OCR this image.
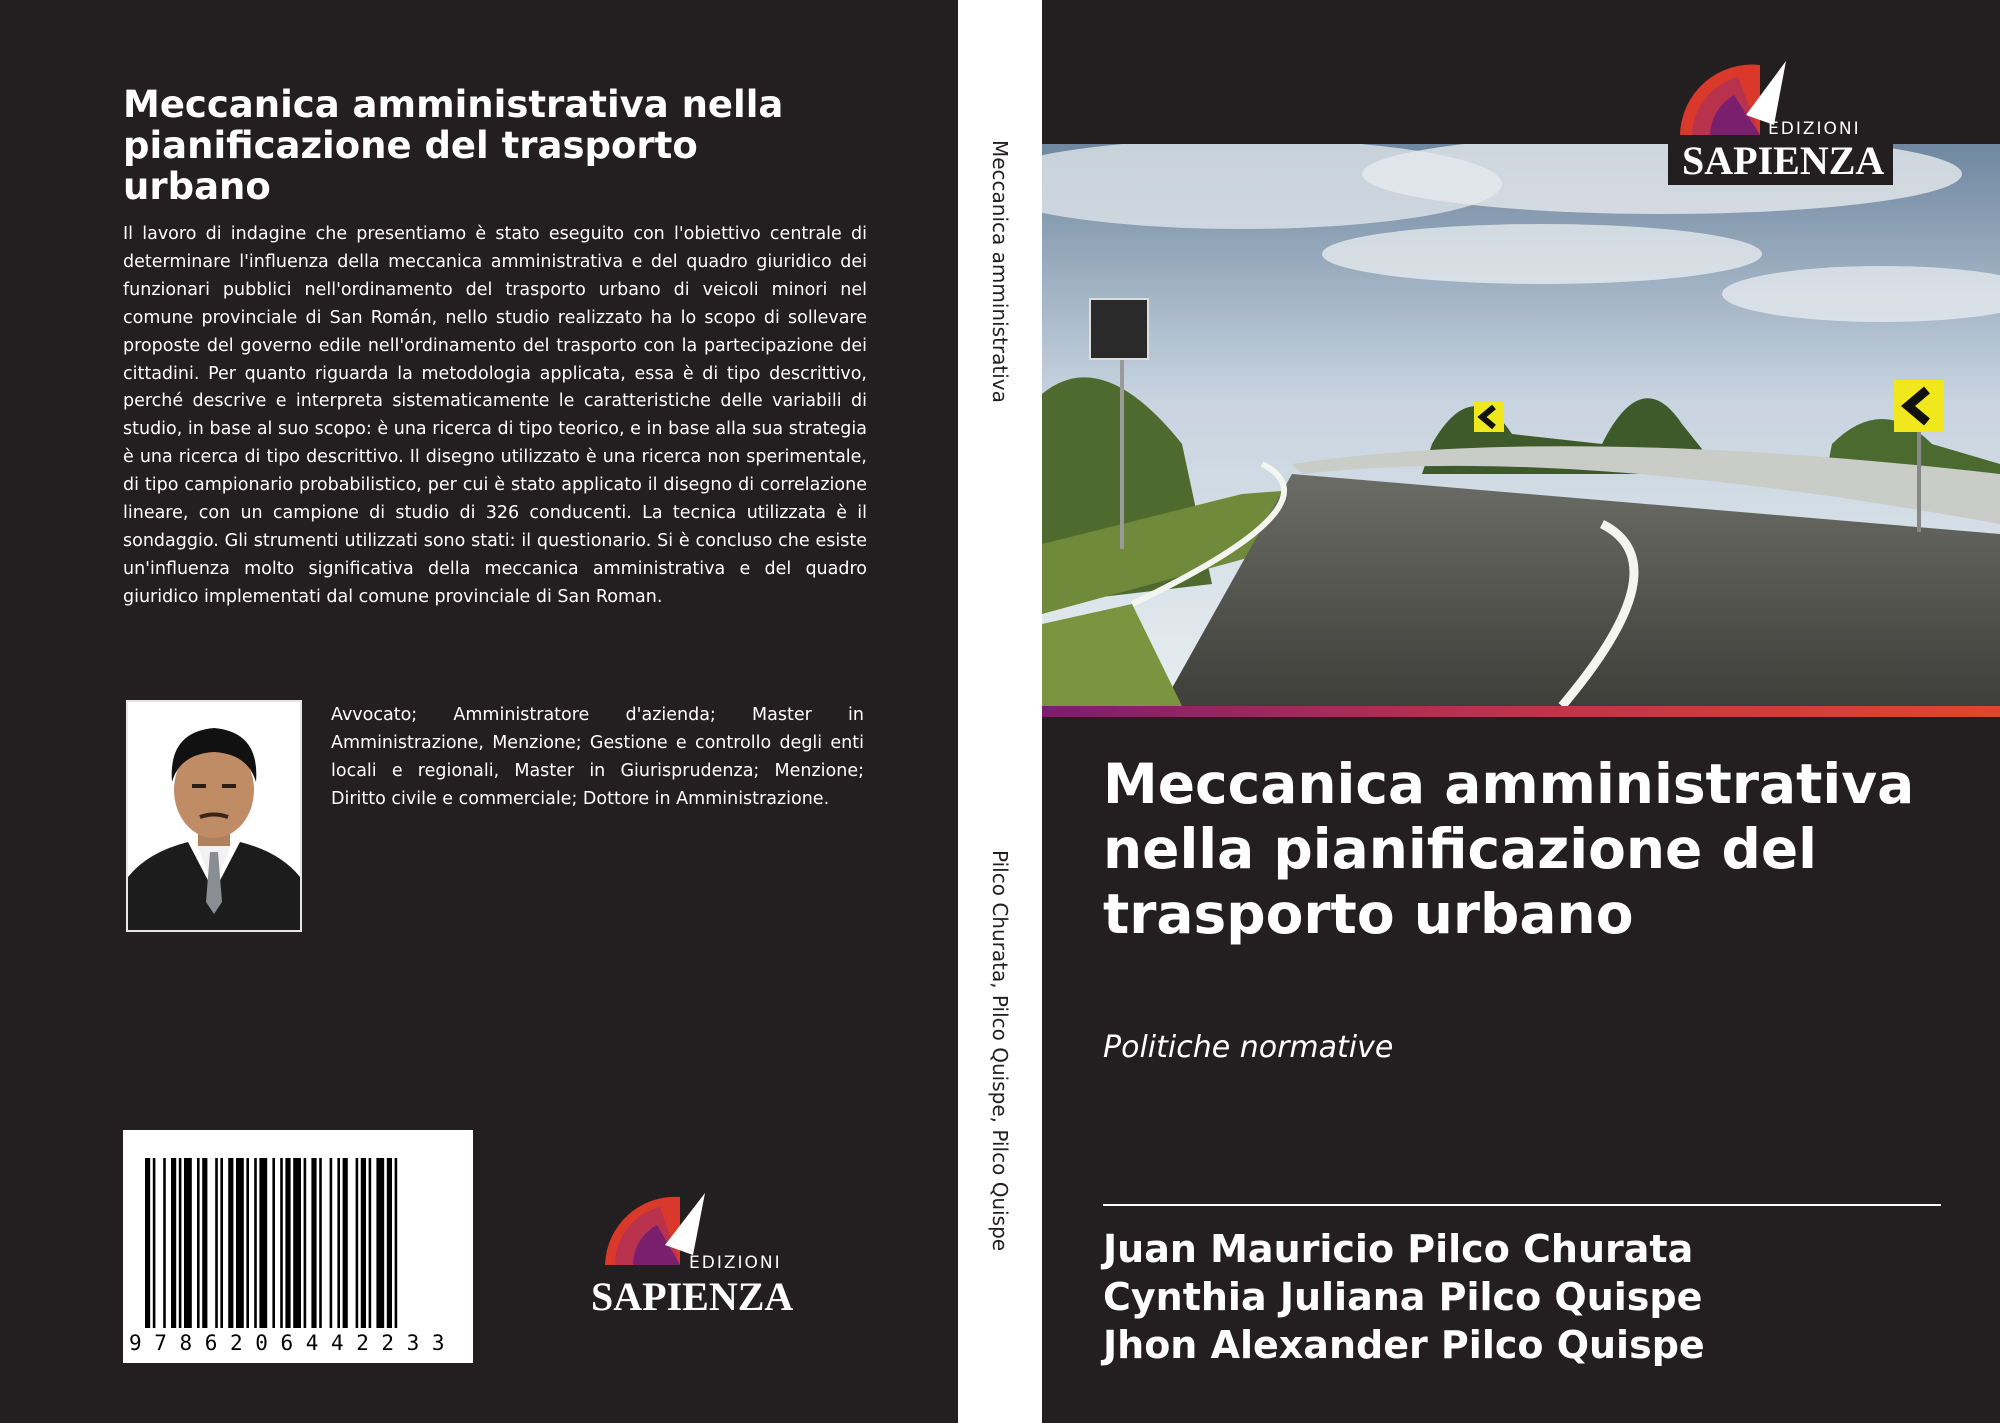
Meccanica amministrativa nella pianificazione del trasporto urbano
Il lavoro di indagine che presentiamo è stato eseguito con l'obiettivo centrale di determinare l'influenza della meccanica amministrativa e del quadro giuridico dei funzionari pubblici nell'ordinamento del trasporto urbano di veicoli minori nel comune provinciale di San Román, nello studio realizzato ha lo scopo di sollevare proposte del governo edile nell'ordinamento del trasporto con la partecipazione dei cittadini. Per quanto riguarda la metodologia applicata, essa è di tipo descrittivo, perché descrive e interpreta sistematicamente le caratteristiche delle variabili di studio, in base al suo scopo: è una ricerca di tipo teorico, e in base alla sua strategia è una ricerca di tipo descrittivo. Il disegno utilizzato è una ricerca non sperimentale, di tipo campionario probabilistico, per cui è stato applicato il disegno di correlazione lineare, con un campione di studio di 326 conducenti. La tecnica utilizzata è il sondaggio. Gli strumenti utilizzati sono stati: il questionario. Si è concluso che esiste un'influenza molto significativa della meccanica amministrativa e del quadro giuridico implementati dal comune provinciale di San Roman.
Avvocato; Amministratore d'azienda; Master in Amministrazione, Menzione; Gestione e controllo degli enti locali e regionali, Master in Giurisprudenza; Menzione; Diritto civile e commerciale; Dottore in Amministrazione.
9786206442233
EDIZIONI
SAPIENZA
Meccanica amministrativa
Pilco Churata, Pilco Quispe, Pilco Quispe
EDIZIONI
SAPIENZA
Meccanica amministrativa nella pianificazione del trasporto urbano
Politiche normative
Juan Mauricio Pilco Churata
Cynthia Juliana Pilco Quispe
Jhon Alexander Pilco Quispe
